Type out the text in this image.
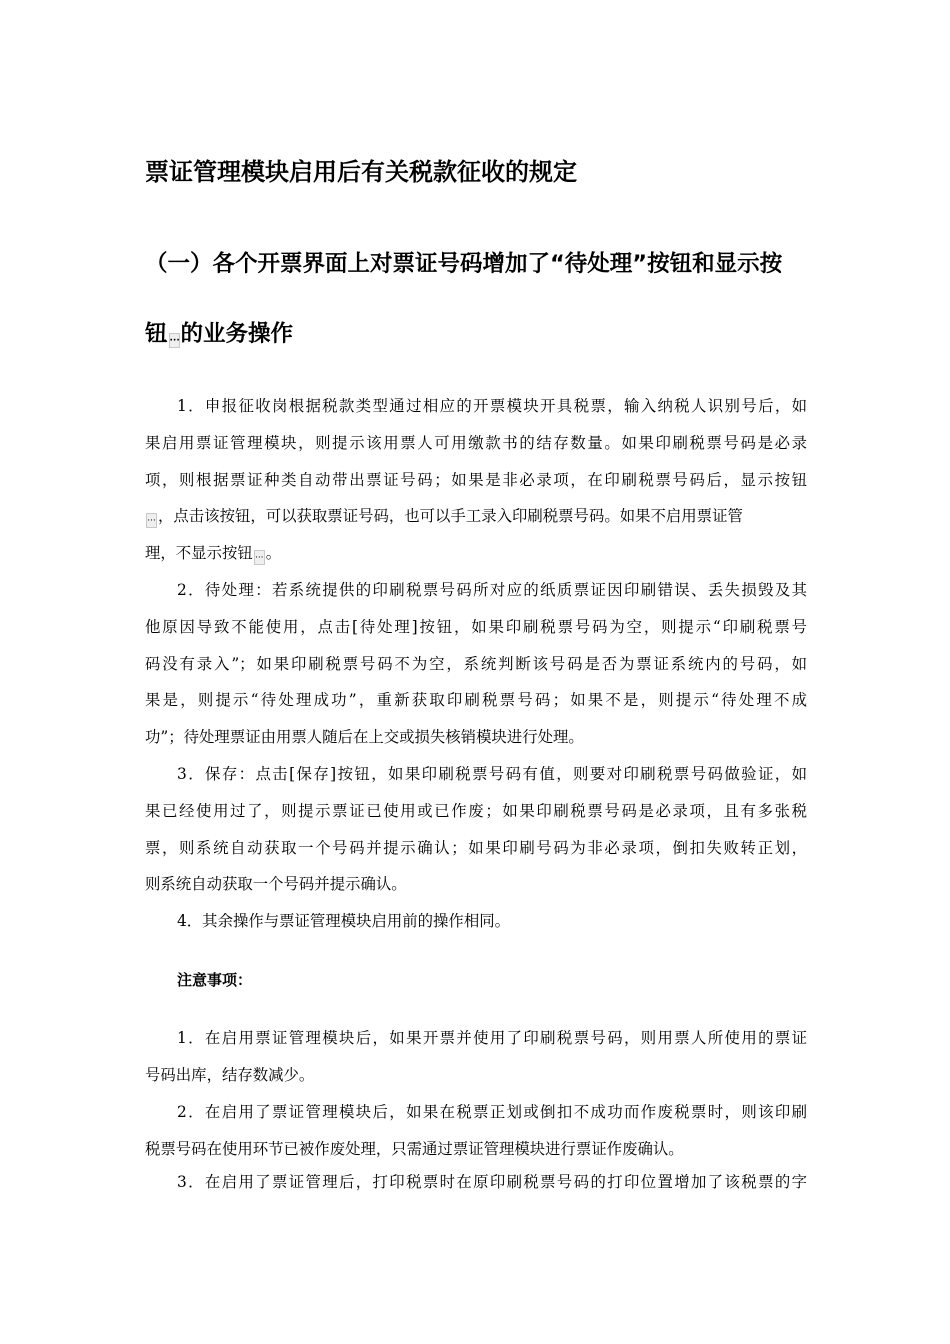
票证管理模块启用后有关税款征收的规定
（一）各个开票界面上对票证号码增加了“待处理”按钮和显示按
钮 ···的业务操作
1．申报征收岗根据税款类型通过相应的开票模块开具税票，输入纳税人识别号后，如
果启用票证管理模块，则提示该用票人可用缴款书的结存数量。如果印刷税票号码是必录
项，则根据票证种类自动带出票证号码；如果是非必录项，在印刷税票号码后，显示按钮
··· ，点击该按钮，可以获取票证号码，也可以手工录入印刷税票号码。如果不启用票证管
理，不显示按钮 ··· 。
2．待处理：若系统提供的印刷税票号码所对应的纸质票证因印刷错误、丢失损毁及其
他原因导致不能使用，点击[待处理]按钮，如果印刷税票号码为空，则提示“印刷税票号
码没有录入”；如果印刷税票号码不为空，系统判断该号码是否为票证系统内的号码，如
果是，则提示“待处理成功”，重新获取印刷税票号码；如果不是，则提示“待处理不成
功”；待处理票证由用票人随后在上交或损失核销模块进行处理。
3．保存：点击[保存]按钮，如果印刷税票号码有值，则要对印刷税票号码做验证，如
果已经使用过了，则提示票证已使用或已作废；如果印刷税票号码是必录项，且有多张税
票，则系统自动获取一个号码并提示确认；如果印刷号码为非必录项，倒扣失败转正划，
则系统自动获取一个号码并提示确认。
4．其余操作与票证管理模块启用前的操作相同。
注意事项：
1．在启用票证管理模块后，如果开票并使用了印刷税票号码，则用票人所使用的票证
号码出库，结存数减少。
2．在启用了票证管理模块后，如果在税票正划或倒扣不成功而作废税票时，则该印刷
税票号码在使用环节已被作废处理，只需通过票证管理模块进行票证作废确认。
3．在启用了票证管理后，打印税票时在原印刷税票号码的打印位置增加了该税票的字
